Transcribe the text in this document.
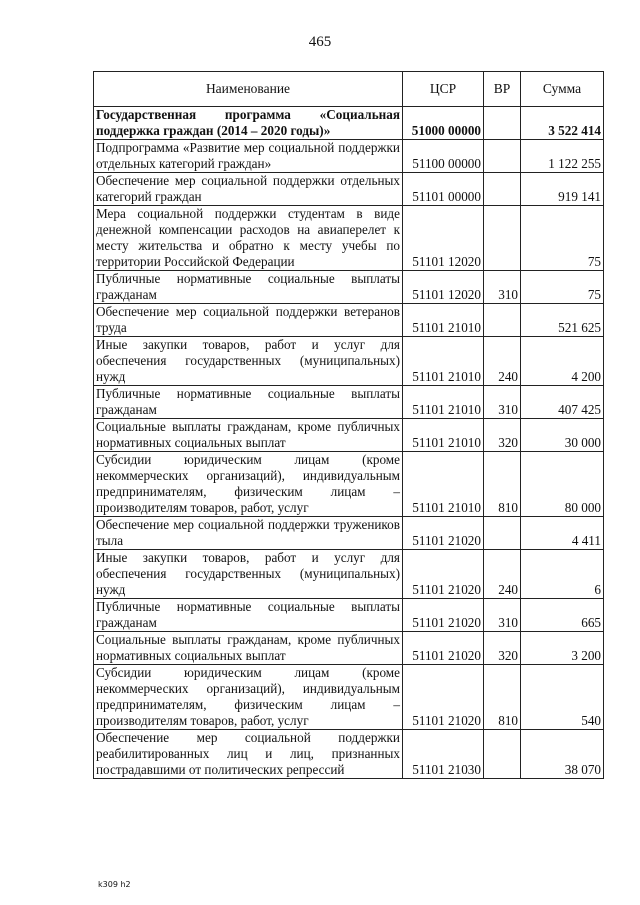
465
Наименование	ЦСР	ВР	Сумма
Государственная программа «Социальная поддержка граждан (2014 – 2020 годы)»	51000 00000		3 522 414
Подпрограмма «Развитие мер социальной поддержки отдельных категорий граждан»	51100 00000		1 122 255
Обеспечение мер социальной поддержки отдельных категорий граждан	51101 00000		919 141
Мера социальной поддержки студентам в виде денежной компенсации расходов на авиаперелет к месту жительства и обратно к месту учебы по территории Российской Федерации	51101 12020		75
Публичные нормативные социальные выплаты гражданам	51101 12020	310	75
Обеспечение мер социальной поддержки ветеранов труда	51101 21010		521 625
Иные закупки товаров, работ и услуг для обеспечения государственных (муниципальных) нужд	51101 21010	240	4 200
Публичные нормативные социальные выплаты гражданам	51101 21010	310	407 425
Социальные выплаты гражданам, кроме публичных нормативных социальных выплат	51101 21010	320	30 000
Субсидии юридическим лицам (кроме некоммерческих организаций), индивидуальным предпринимателям, физическим лицам – производителям товаров, работ, услуг	51101 21010	810	80 000
Обеспечение мер социальной поддержки тружеников тыла	51101 21020		4 411
Иные закупки товаров, работ и услуг для обеспечения государственных (муниципальных) нужд	51101 21020	240	6
Публичные нормативные социальные выплаты гражданам	51101 21020	310	665
Социальные выплаты гражданам, кроме публичных нормативных социальных выплат	51101 21020	320	3 200
Субсидии юридическим лицам (кроме некоммерческих организаций), индивидуальным предпринимателям, физическим лицам – производителям товаров, работ, услуг	51101 21020	810	540
Обеспечение мер социальной поддержки реабилитированных лиц и лиц, признанных пострадавшими от политических репрессий	51101 21030		38 070
k309 h2
